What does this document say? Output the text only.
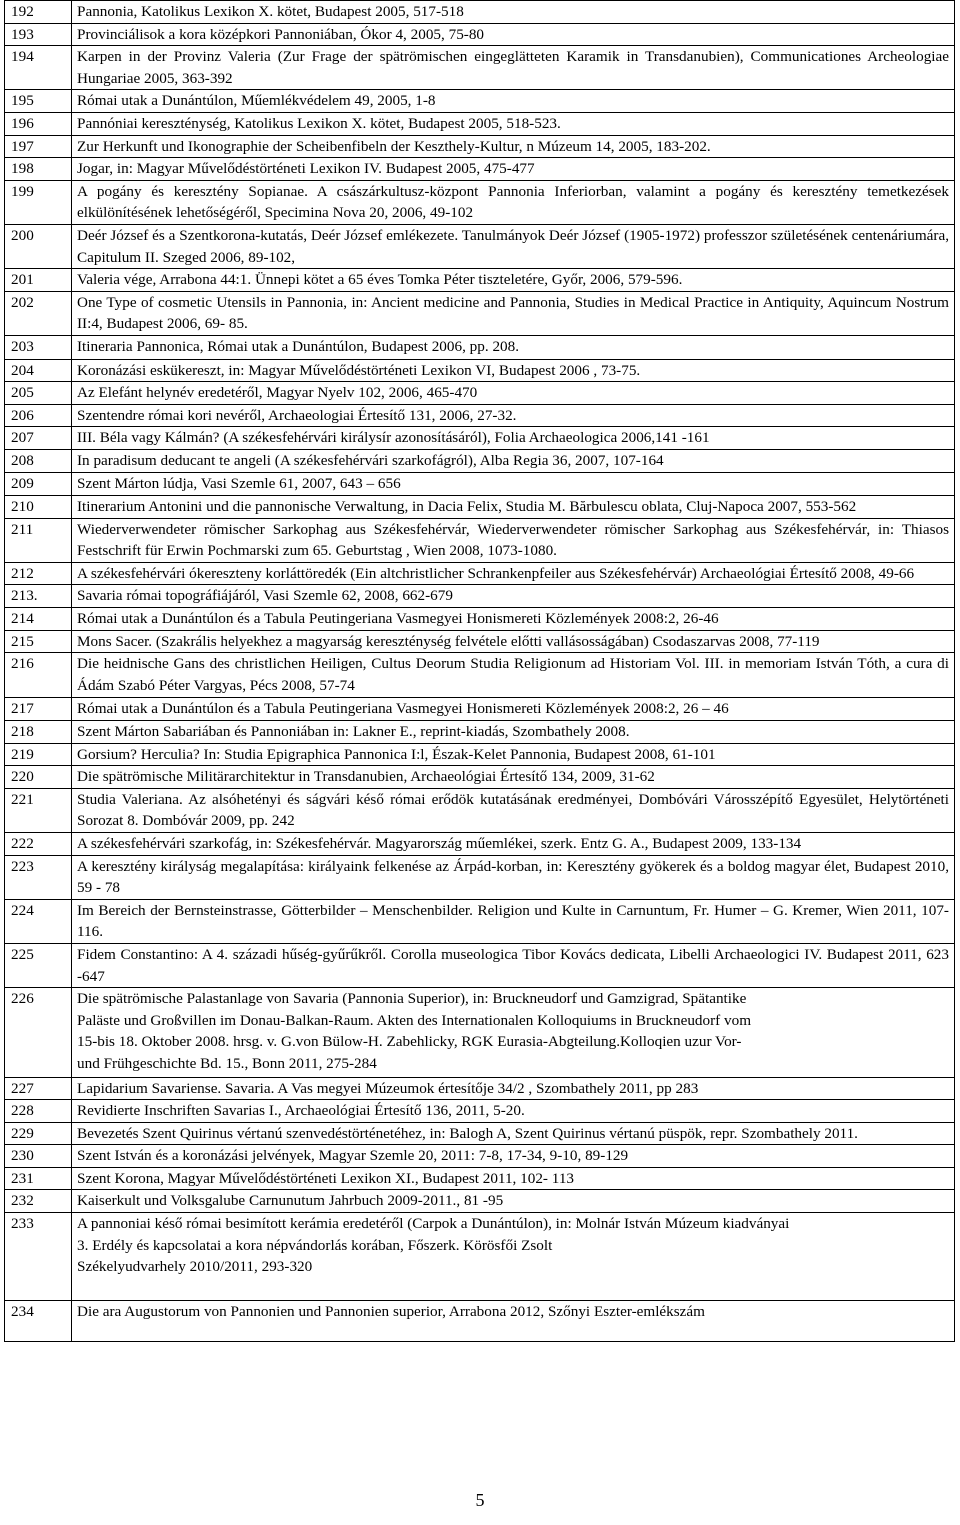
192	Pannonia, Katolikus Lexikon X. kötet, Budapest 2005, 517-518
193	Provinciálisok a kora középkori Pannoniában, Ókor 4, 2005, 75-80
194	Karpen in der Provinz Valeria (Zur Frage der spätrömischen eingeglätteten Karamik in Transdanubien), Communicationes Archeologiae Hungariae 2005, 363-392
195	Római utak a Dunántúlon, Műemlékvédelem 49, 2005, 1-8
196	Pannóniai kereszténység, Katolikus Lexikon X. kötet, Budapest 2005, 518-523.
197	Zur Herkunft und Ikonographie der Scheibenfibeln der Keszthely-Kultur, n Múzeum 14, 2005, 183-202.
198	Jogar, in: Magyar Művelődéstörténeti Lexikon IV. Budapest 2005, 475-477
199	A pogány és keresztény Sopianae. A császárkultusz-központ Pannonia Inferiorban, valamint a pogány és keresztény temetkezések elkülönítésének lehetőségéről, Specimina Nova 20, 2006, 49-102
200	Deér József és a Szentkorona-kutatás, Deér József emlékezete. Tanulmányok Deér József (1905-1972) professzor születésének centenáriumára, Capitulum II. Szeged 2006, 89-102,
201	Valeria vége, Arrabona 44:1. Ünnepi kötet a 65 éves Tomka Péter tiszteletére, Győr, 2006, 579-596.
202	One Type of cosmetic Utensils in Pannonia, in: Ancient medicine and Pannonia, Studies in Medical Practice in Antiquity, Aquincum Nostrum II:4, Budapest 2006, 69- 85.
203	Itineraria Pannonica, Római utak a Dunántúlon, Budapest 2006, pp. 208.
204	Koronázási eskükereszt, in: Magyar Művelődéstörténeti Lexikon VI, Budapest 2006 , 73-75.
205	Az Elefánt helynév eredetéről, Magyar Nyelv 102, 2006, 465-470
206	Szentendre római kori nevéről, Archaeologiai Értesítő 131, 2006, 27-32.
207	III. Béla vagy Kálmán? (A székesfehérvári királysír azonosításáról), Folia Archaeologica 2006,141 -161
208	In paradisum deducant te angeli (A székesfehérvári szarkofágról), Alba Regia 36, 2007, 107-164
209	Szent Márton lúdja, Vasi Szemle 61, 2007, 643 – 656
210	Itinerarium Antonini und die pannonische Verwaltung, in Dacia Felix, Studia M. Bărbulescu oblata, Cluj-Napoca 2007, 553-562
211	Wiederverwendeter römischer Sarkophag aus Székesfehérvár, Wiederverwendeter römischer Sarkophag aus Székesfehérvár, in: Thiasos Festschrift für Erwin Pochmarski zum 65. Geburtstag , Wien 2008, 1073-1080.
212	A székesfehérvári ókereszteny korláttöredék (Ein altchristlicher Schrankenpfeiler aus Székesfehérvár) Archaeológiai Értesítő 2008, 49-66
213.	Savaria római topográfiájáról, Vasi Szemle 62, 2008, 662-679
214	Római utak a Dunántúlon és a Tabula Peutingeriana Vasmegyei Honismereti Közlemények 2008:2, 26-46
215	Mons Sacer. (Szakrális helyekhez a magyarság kereszténység felvétele előtti vallásosságában) Csodaszarvas 2008, 77-119
216	Die heidnische Gans des christlichen Heiligen, Cultus Deorum Studia Religionum ad Historiam Vol. III. in memoriam István Tóth, a cura di Ádám Szabó Péter Vargyas, Pécs 2008, 57-74
217	Római utak a Dunántúlon és a Tabula Peutingeriana Vasmegyei Honismereti Közlemények 2008:2, 26 – 46
218	Szent Márton Sabariában és Pannoniában in: Lakner E., reprint-kiadás, Szombathely 2008.
219	Gorsium? Herculia? In: Studia Epigraphica Pannonica I:l, Észak-Kelet Pannonia, Budapest 2008, 61-101
220	Die spätrömische Militärarchitektur in Transdanubien, Archaeológiai Értesítő 134, 2009, 31-62
221	Studia Valeriana. Az alsóhetényi és ságvári késő római erődök kutatásának eredményei, Dombóvári Városszépítő Egyesület, Helytörténeti Sorozat 8. Dombóvár 2009, pp. 242
222	A székesfehérvári szarkofág, in: Székesfehérvár. Magyarország műemlékei, szerk. Entz G. A., Budapest 2009, 133-134
223	A keresztény királyság megalapítása: királyaink felkenése az Árpád-korban, in: Keresztény gyökerek és a boldog magyar élet, Budapest 2010, 59 - 78
224	Im Bereich der Bernsteinstrasse, Götterbilder – Menschenbilder. Religion und Kulte in Carnuntum, Fr. Humer – G. Kremer, Wien 2011, 107-116.
225	Fidem Constantino: A 4. századi hűség-gyűrűkről. Corolla museologica Tibor Kovács dedicata, Libelli Archaeologici IV. Budapest 2011, 623 -647
226	Die spätrömische Palastanlage von Savaria (Pannonia Superior), in: Bruckneudorf und Gamzigrad, Spätantike
Paläste und Großvillen im Donau-Balkan-Raum. Akten des Internationalen Kolloquiums in Bruckneudorf vom
15-bis 18. Oktober 2008. hrsg. v. G.von Bülow-H. Zabehlicky, RGK Eurasia-Abgteilung.Kolloqien uzur Vor-
und Frühgeschichte Bd. 15., Bonn 2011, 275-284

227	Lapidarium Savariense. Savaria. A Vas megyei Múzeumok értesítője 34/2 , Szombathely 2011, pp 283
228	Revidierte Inschriften Savarias I., Archaeológiai Értesítő 136, 2011, 5-20.
229	Bevezetés Szent Quirinus vértanú szenvedéstörténetéhez, in: Balogh A, Szent Quirinus vértanú püspök, repr. Szombathely 2011.
230	Szent István és a koronázási jelvények, Magyar Szemle 20, 2011: 7-8, 17-34, 9-10, 89-129
231	Szent Korona, Magyar Művelődéstörténeti Lexikon XI., Budapest 2011, 102- 113
232	Kaiserkult und Volksgalube Carnunutum Jahrbuch 2009-2011., 81 -95
233	A pannoniai késő római besimított kerámia eredetéről (Carpok a Dunántúlon), in: Molnár István Múzeum kiadványai
3. Erdély és kapcsolatai a kora népvándorlás korában, Főszerk. Körösfői Zsolt
Székelyudvarhely 2010/2011, 293-320

234	Die ara Augustorum von Pannonien und Pannonien superior, Arrabona 2012, Szőnyi Eszter-emlékszám
5
